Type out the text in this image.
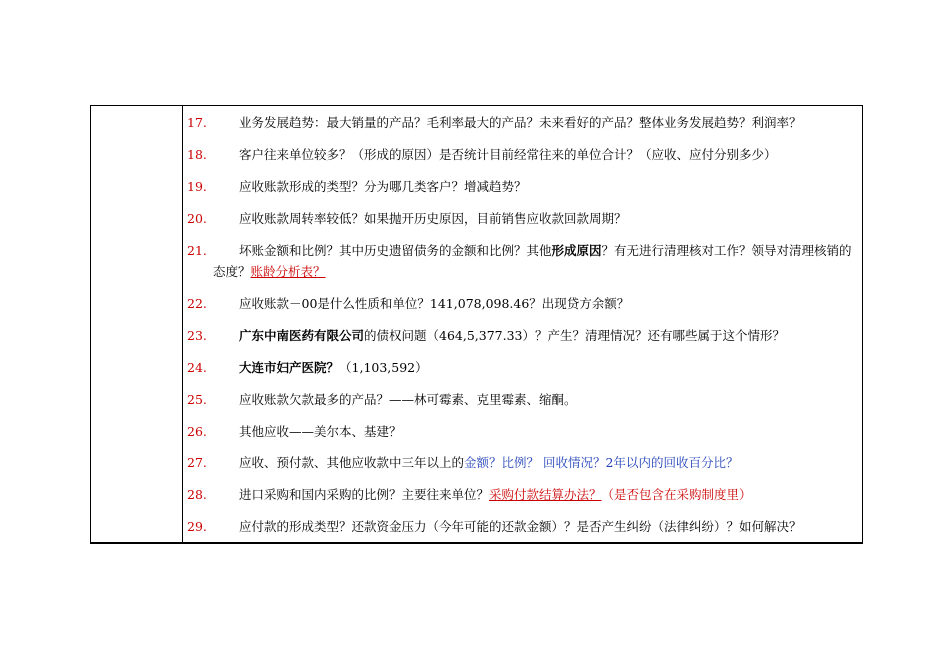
17.	业务发展趋势：最大销量的产品？毛利率最大的产品？未来看好的产品？整体业务发展趋势？利润率？
18.	客户往来单位较多？（形成的原因）是否统计目前经常往来的单位合计？（应收、应付分别多少）
19.	应收账款形成的类型？分为哪几类客户？增减趋势？
20.	应收账款周转率较低？如果抛开历史原因，目前销售应收款回款周期？
21.	坏账金额和比例？其中历史遗留债务的金额和比例？其他形成原因？有无进行清理核对工作？领导对清理核销的态度？账龄分析表？
22.	应收账款－00是什么性质和单位？141,078,098.46？出现贷方余额？
23.	广东中南医药有限公司的债权问题（464,5,377.33）？产生？清理情况？还有哪些属于这个情形？
24.	大连市妇产医院？（1,103,592）
25.	应收账款欠款最多的产品？——林可霉素、克里霉素、缩酮。
26.	其他应收——美尔本、基建？
27.	应收、预付款、其他应收款中三年以上的金额？比例？ 回收情况？2年以内的回收百分比？
28.	进口采购和国内采购的比例？主要往来单位？采购付款结算办法？（是否包含在采购制度里）
29.	应付款的形成类型？还款资金压力（今年可能的还款金额）？是否产生纠纷（法律纠纷）？如何解决？
